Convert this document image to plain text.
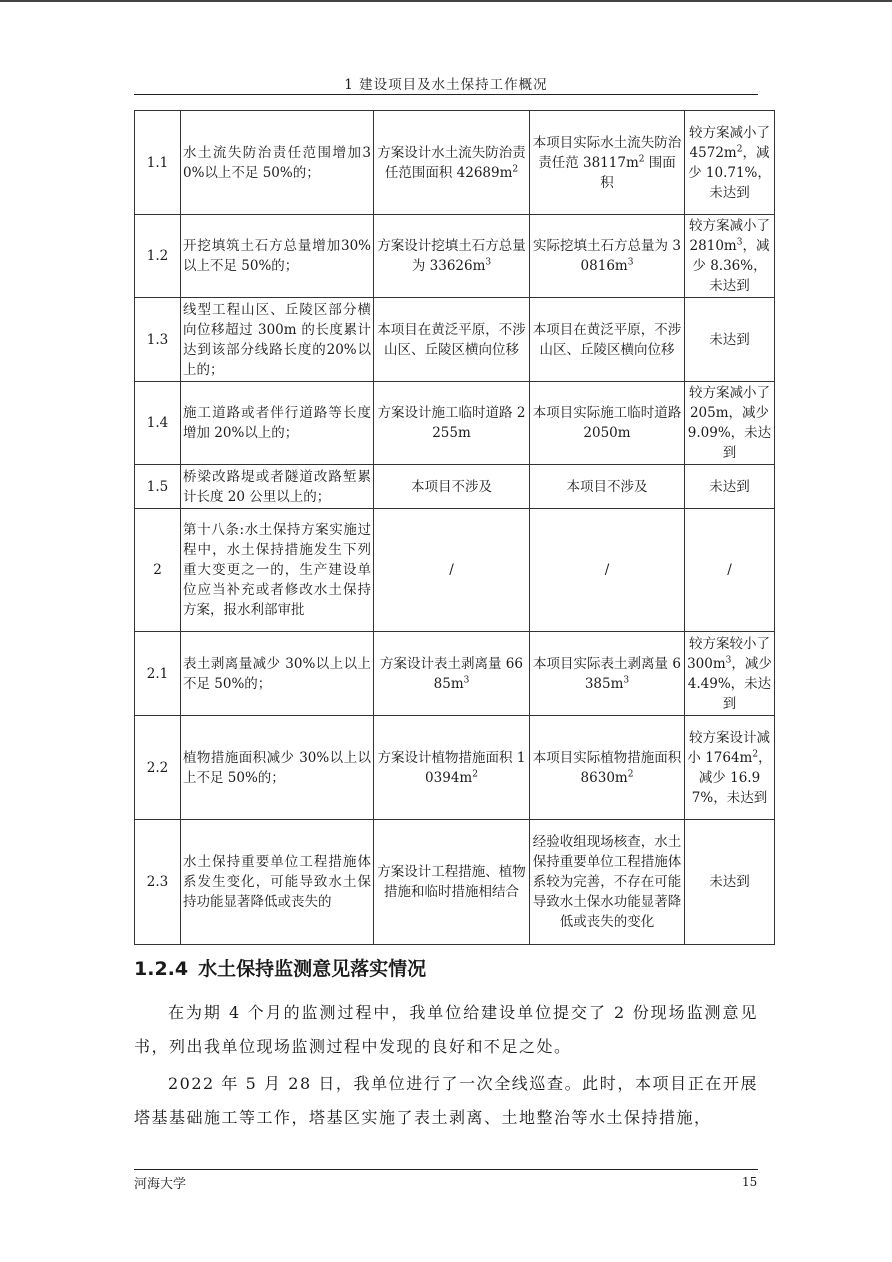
1 建设项目及水土保持工作概况
1.1	水土流失防治责任范围增加30%以上不足 50%的；	方案设计水土流失防治责任范围面积 $42689m^2$	本项目实际水土流失防治责任范 $38117m^2$ 围面积	较方案减小了 $4572m^2$，减少 10.71%，未达到
1.2	开挖填筑土石方总量增加30%以上不足 50%的；	方案设计挖填土石方总量为 $33626m^3$	实际挖填土石方总量为 $30816m^3$	较方案减小了 $2810m^3$，减少 8.36%，未达到
1.3	线型工程山区、丘陵区部分横向位移超过 300m 的长度累计达到该部分线路长度的20%以上的；	本项目在黄泛平原，不涉山区、丘陵区横向位移	本项目在黄泛平原，不涉山区、丘陵区横向位移	未达到
1.4	施工道路或者伴行道路等长度增加 20%以上的；	方案设计施工临时道路 2255m	本项目实际施工临时道路 2050m	较方案减小了 205m，减少 9.09%，未达到
1.5	桥梁改路堤或者隧道改路堑累计长度 20 公里以上的；	本项目不涉及	本项目不涉及	未达到
2	第十八条:水土保持方案实施过程中，水土保持措施发生下列重大变更之一的，生产建设单位应当补充或者修改水土保持方案，报水利部审批	/	/	/
2.1	表土剥离量减少 30%以上以上不足 50%的；	方案设计表土剥离量 $6685m^3$	本项目实际表土剥离量 $6385m^3$	较方案较小了 $300m^3$，减少 4.49%，未达到
2.2	植物措施面积减少 30%以上以上不足 50%的；	方案设计植物措施面积 $10394m^2$	本项目实际植物措施面积 $8630m^2$	较方案设计减小 $1764m^2$，减少 16.97%，未达到
2.3	水土保持重要单位工程措施体系发生变化，可能导致水土保持功能显著降低或丧失的	方案设计工程措施、植物措施和临时措施相结合	经验收组现场核查，水土保持重要单位工程措施体系较为完善，不存在可能导致水土保水功能显著降低或丧失的变化	未达到
1.2.4 水土保持监测意见落实情况
在为期 4 个月的监测过程中，我单位给建设单位提交了 2 份现场监测意见书，列出我单位现场监测过程中发现的良好和不足之处。
2022 年 5 月 28 日，我单位进行了一次全线巡查。此时，本项目正在开展塔基基础施工等工作，塔基区实施了表土剥离、土地整治等水土保持措施，
河海大学	15
